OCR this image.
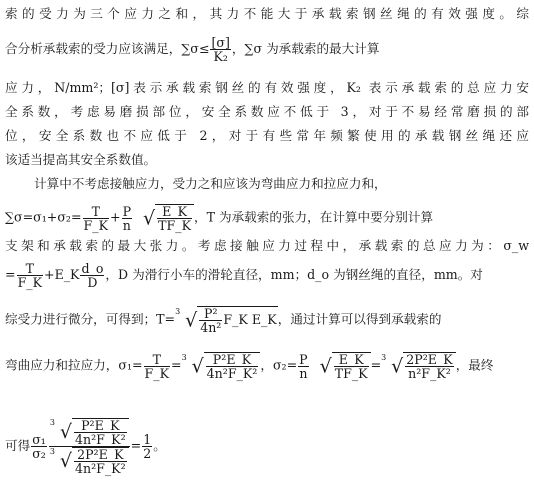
索的受力为三个应力之和，其力不能大于承载索钢丝绳的有效强度。综
合分析承载索的受力应该满足，$\sum\sigma\le \frac{[\sigma]}{\text{K₂}}$ ，∑σ 为承载索的最大计算
应力，N/mm²；[σ]表示承载索钢丝的有效强度，K₂ 表示承载索的总应力安
全系数，考虑易磨损部位，安全系数应不低于 3，对于不易经常磨损的部
位，安全系数也不应低于 2，对于有些常年频繁使用的承载钢丝绳还应
该适当提高其安全系数值。
计算中不考虑接触应力，受力之和应该为弯曲应力和拉应力和，
$\sum\sigma=\sigma_1+\sigma_2= \frac{T}{F\_K} + \frac{P}{n}$ √ $\frac{E\_K}{TF\_K}$ ，T 为承载索的张力，在计算中要分别计算
支架和承载索的最大张力。考虑接触应力过程中，承载索的总应力为：σ_w
= $\frac{T}{F\_K}$ +E_K $\frac{d\_o}{D}$ ，D 为滑行小车的滑轮直径，mm；d_o 为钢丝绳的直径，mm。对
综受力进行微分，可得到；T= 3 √ $\frac{\text{P²}}{\text{4n²}}$ F_K E_K，通过计算可以得到承载索的
弯曲应力和拉应力，$\sigma_1= \frac{T}{F\_K} = 3$ √ $\frac{\text{P²E\_K}}{\text{4n²F\_K²}}$ ，$\sigma_2= \frac{P}{n}$ √ $\frac{E\_K}{TF\_K} = 3$ √ $\frac{\text{2P²E\_K}}{\text{n²F\_K²}}$ ，最终
可得 $\frac{\text{σ₁}}{\text{σ₂}} \frac{3 √ \frac{\text{P²E\_K}}{\text{4n²F\_K²}}}{3 √ \frac{\text{2P²E\_K}}{\text{4n²F\_K²}}} = \frac{1}{2}$ 。
